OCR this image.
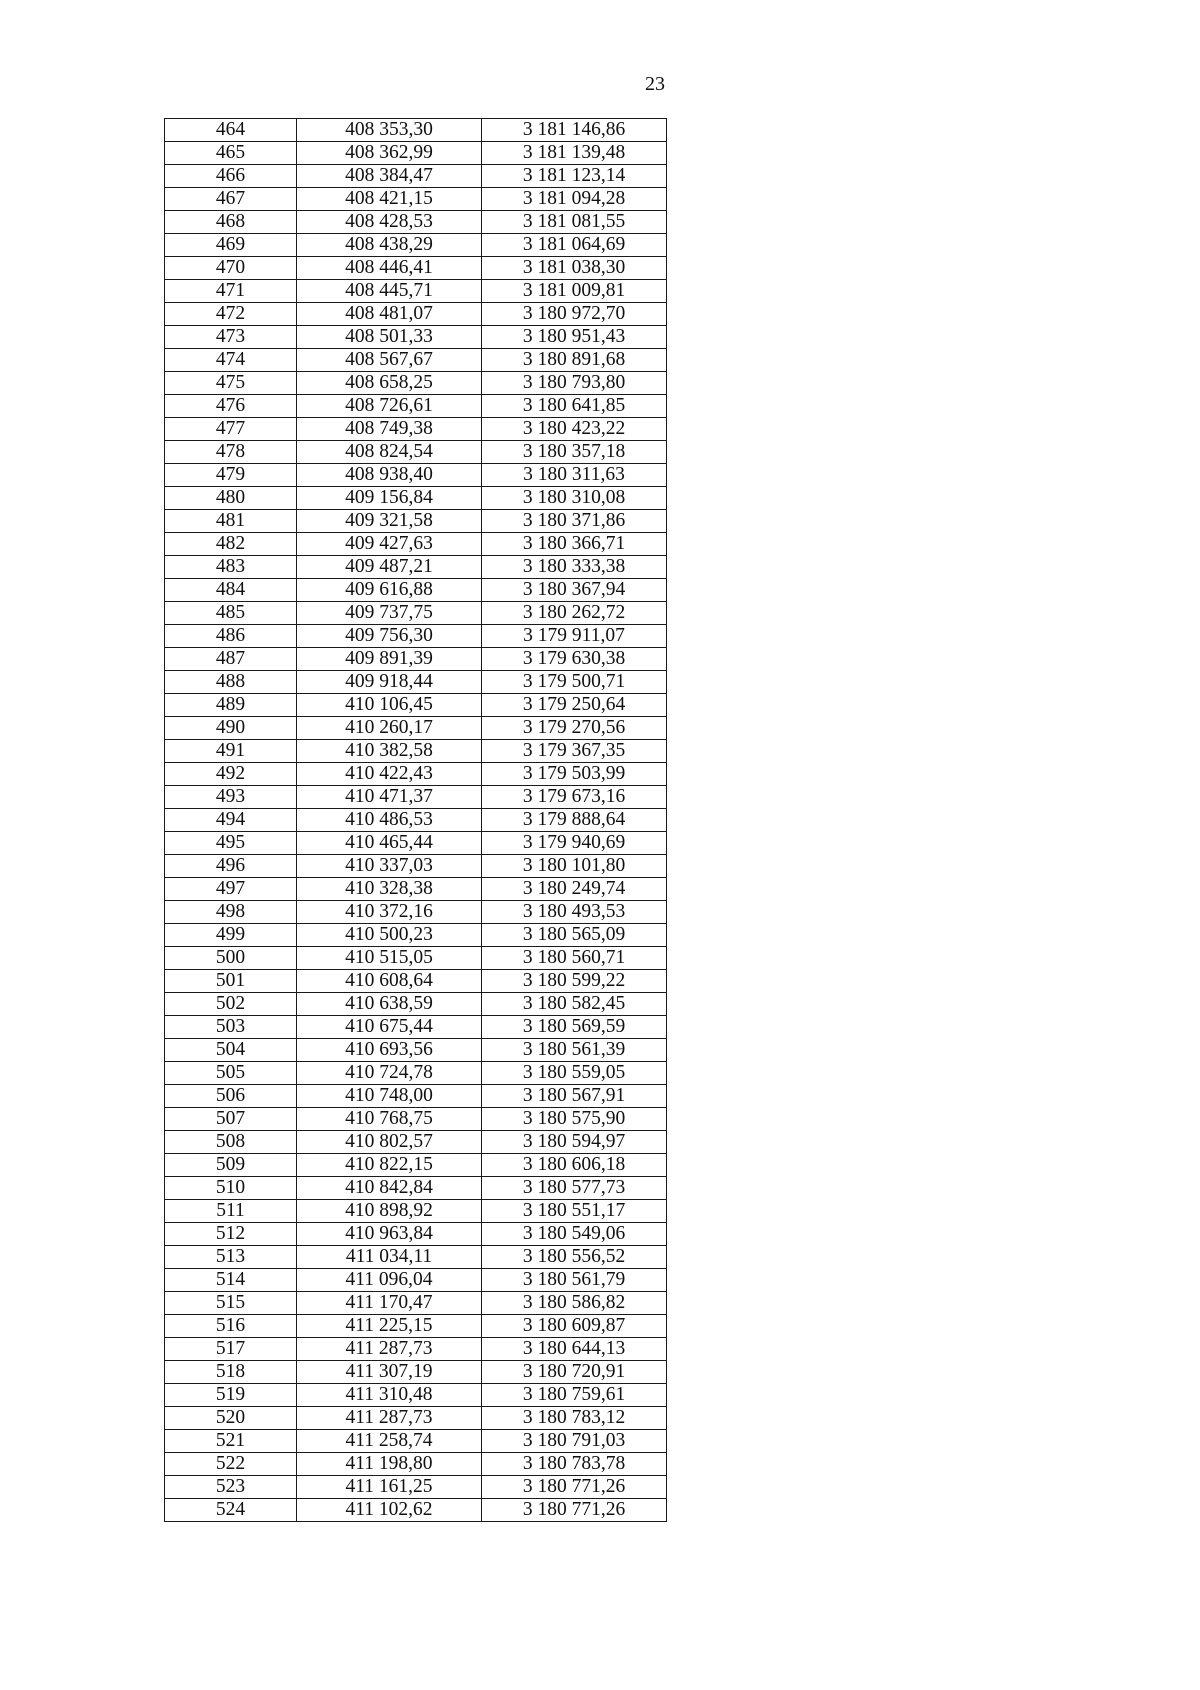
23
464	408 353,30	3 181 146,86
465	408 362,99	3 181 139,48
466	408 384,47	3 181 123,14
467	408 421,15	3 181 094,28
468	408 428,53	3 181 081,55
469	408 438,29	3 181 064,69
470	408 446,41	3 181 038,30
471	408 445,71	3 181 009,81
472	408 481,07	3 180 972,70
473	408 501,33	3 180 951,43
474	408 567,67	3 180 891,68
475	408 658,25	3 180 793,80
476	408 726,61	3 180 641,85
477	408 749,38	3 180 423,22
478	408 824,54	3 180 357,18
479	408 938,40	3 180 311,63
480	409 156,84	3 180 310,08
481	409 321,58	3 180 371,86
482	409 427,63	3 180 366,71
483	409 487,21	3 180 333,38
484	409 616,88	3 180 367,94
485	409 737,75	3 180 262,72
486	409 756,30	3 179 911,07
487	409 891,39	3 179 630,38
488	409 918,44	3 179 500,71
489	410 106,45	3 179 250,64
490	410 260,17	3 179 270,56
491	410 382,58	3 179 367,35
492	410 422,43	3 179 503,99
493	410 471,37	3 179 673,16
494	410 486,53	3 179 888,64
495	410 465,44	3 179 940,69
496	410 337,03	3 180 101,80
497	410 328,38	3 180 249,74
498	410 372,16	3 180 493,53
499	410 500,23	3 180 565,09
500	410 515,05	3 180 560,71
501	410 608,64	3 180 599,22
502	410 638,59	3 180 582,45
503	410 675,44	3 180 569,59
504	410 693,56	3 180 561,39
505	410 724,78	3 180 559,05
506	410 748,00	3 180 567,91
507	410 768,75	3 180 575,90
508	410 802,57	3 180 594,97
509	410 822,15	3 180 606,18
510	410 842,84	3 180 577,73
511	410 898,92	3 180 551,17
512	410 963,84	3 180 549,06
513	411 034,11	3 180 556,52
514	411 096,04	3 180 561,79
515	411 170,47	3 180 586,82
516	411 225,15	3 180 609,87
517	411 287,73	3 180 644,13
518	411 307,19	3 180 720,91
519	411 310,48	3 180 759,61
520	411 287,73	3 180 783,12
521	411 258,74	3 180 791,03
522	411 198,80	3 180 783,78
523	411 161,25	3 180 771,26
524	411 102,62	3 180 771,26
